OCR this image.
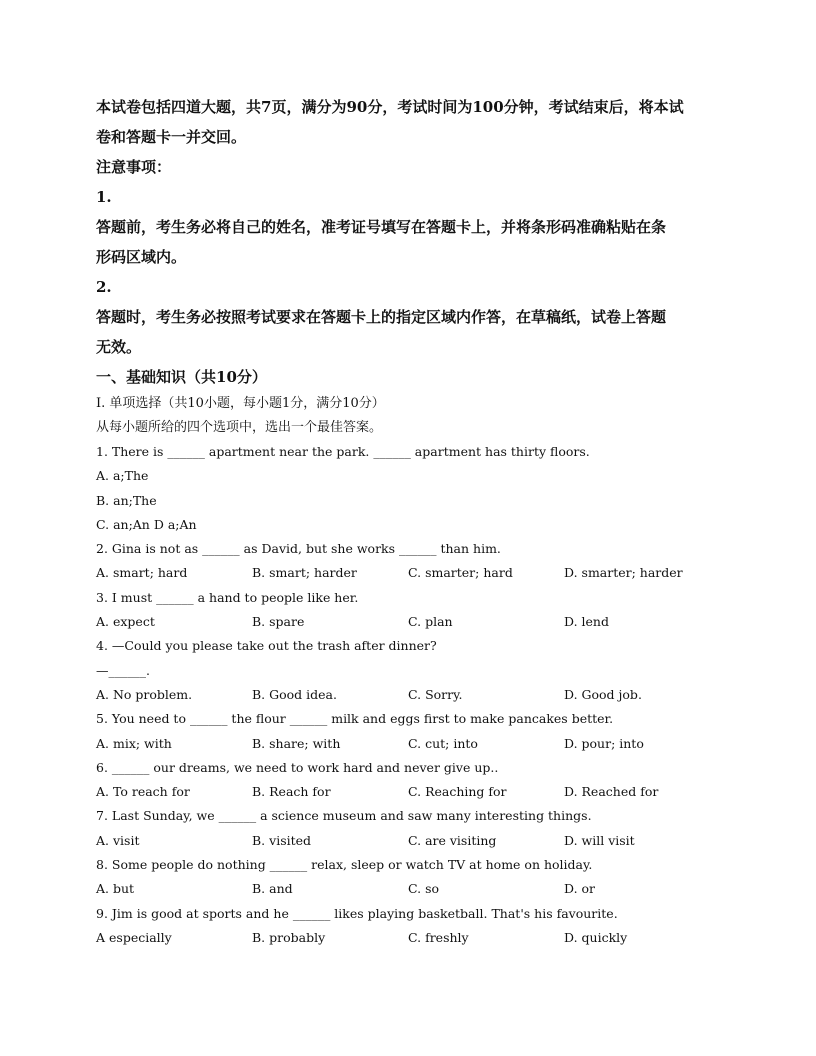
本试卷包括四道大题，共7页，满分为90分，考试时间为100分钟，考试结束后，将本试
卷和答题卡一并交回。
注意事项：
1.
答题前，考生务必将自己的姓名，准考证号填写在答题卡上，并将条形码准确粘贴在条
形码区域内。
2.
答题时，考生务必按照考试要求在答题卡上的指定区域内作答，在草稿纸，试卷上答题
无效。
一、基础知识（共10分）
I. 单项选择（共10小题，每小题1分，满分10分）
从每小题所给的四个选项中，选出一个最佳答案。
1. There is ______ apartment near the park. ______ apartment has thirty floors.
A. a;The
B. an;The
C. an;An D a;An
2. Gina is not as ______ as David, but she works ______ than him.
A. smart; hard	B. smart; harder	C. smarter; hard	D. smarter; harder
3. I must ______ a hand to people like her.
A. expect	B. spare	C. plan	D. lend
4. —Could you please take out the trash after dinner?
—______.
A. No problem.	B. Good idea.	C. Sorry.	D. Good job.
5. You need to ______ the flour ______ milk and eggs first to make pancakes better.
A. mix; with	B. share; with	C. cut; into	D. pour; into
6. ______ our dreams, we need to work hard and never give up..
A. To reach for	B. Reach for	C. Reaching for	D. Reached for
7. Last Sunday, we ______ a science museum and saw many interesting things.
A. visit	B. visited	C. are visiting	D. will visit
8. Some people do nothing ______ relax, sleep or watch TV at home on holiday.
A. but	B. and	C. so	D. or
9. Jim is good at sports and he ______ likes playing basketball. That's his favourite.
A especially	B. probably	C. freshly	D. quickly
